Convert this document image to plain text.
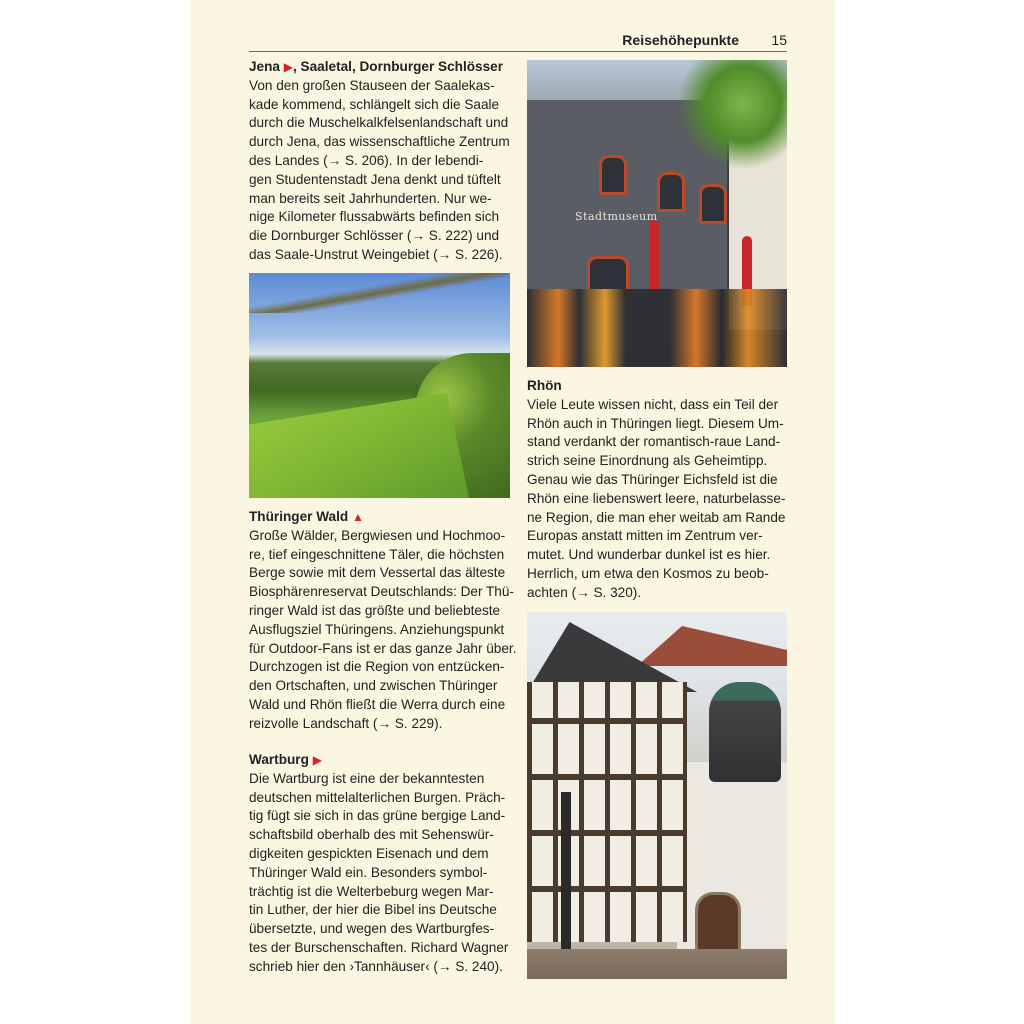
Reisehöhepunkte 15
Jena ▶, Saaletal, Dornburger Schlösser
Von den großen Stauseen der Saalekas-
kade kommend, schlängelt sich die Saale
durch die Muschelkalkfelsenlandschaft und
durch Jena, das wissenschaftliche Zentrum
des Landes (→ S. 206). In der lebendi-
gen Studentenstadt Jena denkt und tüftelt
man bereits seit Jahrhunderten. Nur we-
nige Kilometer flussabwärts befinden sich
die Dornburger Schlösser (→ S. 222) und
das Saale-Unstrut Weingebiet (→ S. 226).
Thüringer Wald ▲
Große Wälder, Bergwiesen und Hochmoo-
re, tief eingeschnittene Täler, die höchsten
Berge sowie mit dem Vessertal das älteste
Biosphärenreservat Deutschlands: Der Thü-
ringer Wald ist das größte und beliebteste
Ausflugsziel Thüringens. Anziehungspunkt
für Outdoor-Fans ist er das ganze Jahr über.
Durchzogen ist die Region von entzücken-
den Ortschaften, und zwischen Thüringer
Wald und Rhön fließt die Werra durch eine
reizvolle Landschaft (→ S. 229).
Wartburg ▶
Die Wartburg ist eine der bekanntesten
deutschen mittelalterlichen Burgen. Präch-
tig fügt sie sich in das grüne bergige Land-
schaftsbild oberhalb des mit Sehenswür-
digkeiten gespickten Eisenach und dem
Thüringer Wald ein. Besonders symbol-
trächtig ist die Welterbeburg wegen Mar-
tin Luther, der hier die Bibel ins Deutsche
übersetzte, und wegen des Wartburgfes-
tes der Burschenschaften. Richard Wagner
schrieb hier den ›Tannhäuser‹ (→ S. 240).
Stadtmuseum
Rhön
Viele Leute wissen nicht, dass ein Teil der
Rhön auch in Thüringen liegt. Diesem Um-
stand verdankt der romantisch-raue Land-
strich seine Einordnung als Geheimtipp.
Genau wie das Thüringer Eichsfeld ist die
Rhön eine liebenswert leere, naturbelasse-
ne Region, die man eher weitab am Rande
Europas anstatt mitten im Zentrum ver-
mutet. Und wunderbar dunkel ist es hier.
Herrlich, um etwa den Kosmos zu beob-
achten (→ S. 320).
